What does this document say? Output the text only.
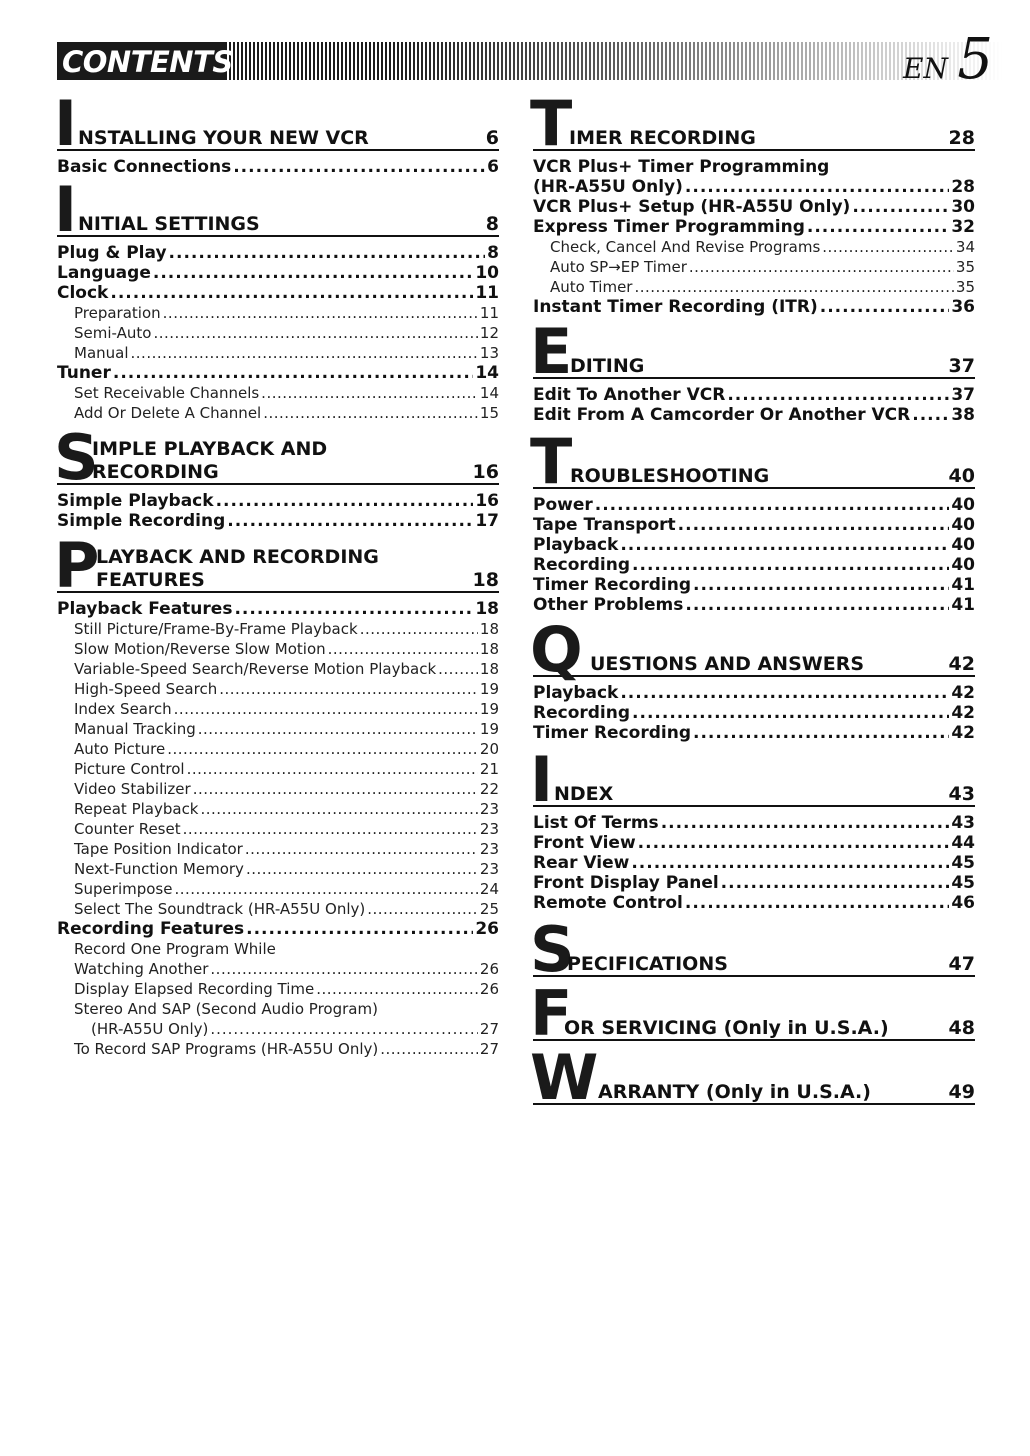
CONTENTS	EN 5
I NSTALLING YOUR NEW VCR	6
Basic Connections .....	6
I NITIAL SETTINGS	8
Plug & Play .....	8
Language .....	10
Clock .....	11
Preparation .....	11
Semi-Auto .....	12
Manual .....	13
Tuner .....	14
Set Receivable Channels .....	14
Add Or Delete A Channel .....	15
S
IMPLE PLAYBACK AND
RECORDING	16
Simple Playback .....	16
Simple Recording .....	17
P
LAYBACK AND RECORDING
FEATURES	18
Playback Features .....	18
Still Picture/Frame-By-Frame Playback .....	18
Slow Motion/Reverse Slow Motion .....	18
Variable-Speed Search/Reverse Motion Playback .....	18
High-Speed Search .....	19
Index Search .....	19
Manual Tracking .....	19
Auto Picture .....	20
Picture Control .....	21
Video Stabilizer .....	22
Repeat Playback .....	23
Counter Reset .....	23
Tape Position Indicator .....	23
Next-Function Memory .....	23
Superimpose .....	24
Select The Soundtrack (HR-A55U Only) .....	25
Recording Features .....	26
Record One Program While
Watching Another .....	26
Display Elapsed Recording Time .....	26
Stereo And SAP (Second Audio Program)
(HR-A55U Only) .....	27
To Record SAP Programs (HR-A55U Only) .....	27
T
IMER RECORDING	28
VCR Plus+ Timer Programming
(HR-A55U Only) .....	28
VCR Plus+ Setup (HR-A55U Only) .....	30
Express Timer Programming .....	32
Check, Cancel And Revise Programs .....	34
Auto SP→EP Timer .....	35
Auto Timer .....	35
Instant Timer Recording (ITR) .....	36
E DITING	37
Edit To Another VCR .....	37
Edit From A Camcorder Or Another VCR ..... 38
T ROUBLESHOOTING	40
Power .....	40
Tape Transport .....	40
Playback .....	40
Recording .....	40
Timer Recording .....	41
Other Problems .....	41
Q UESTIONS AND ANSWERS	42
Playback .....	42
Recording .....	42
Timer Recording .....	42
I NDEX	43
List Of Terms .....	43
Front View .....	44
Rear View .....	45
Front Display Panel .....	45
Remote Control .....	46
S
PECIFICATIONS	47
F
OR SERVICING (Only in U.S.A.)	48
W ARRANTY (Only in U.S.A.)	49
